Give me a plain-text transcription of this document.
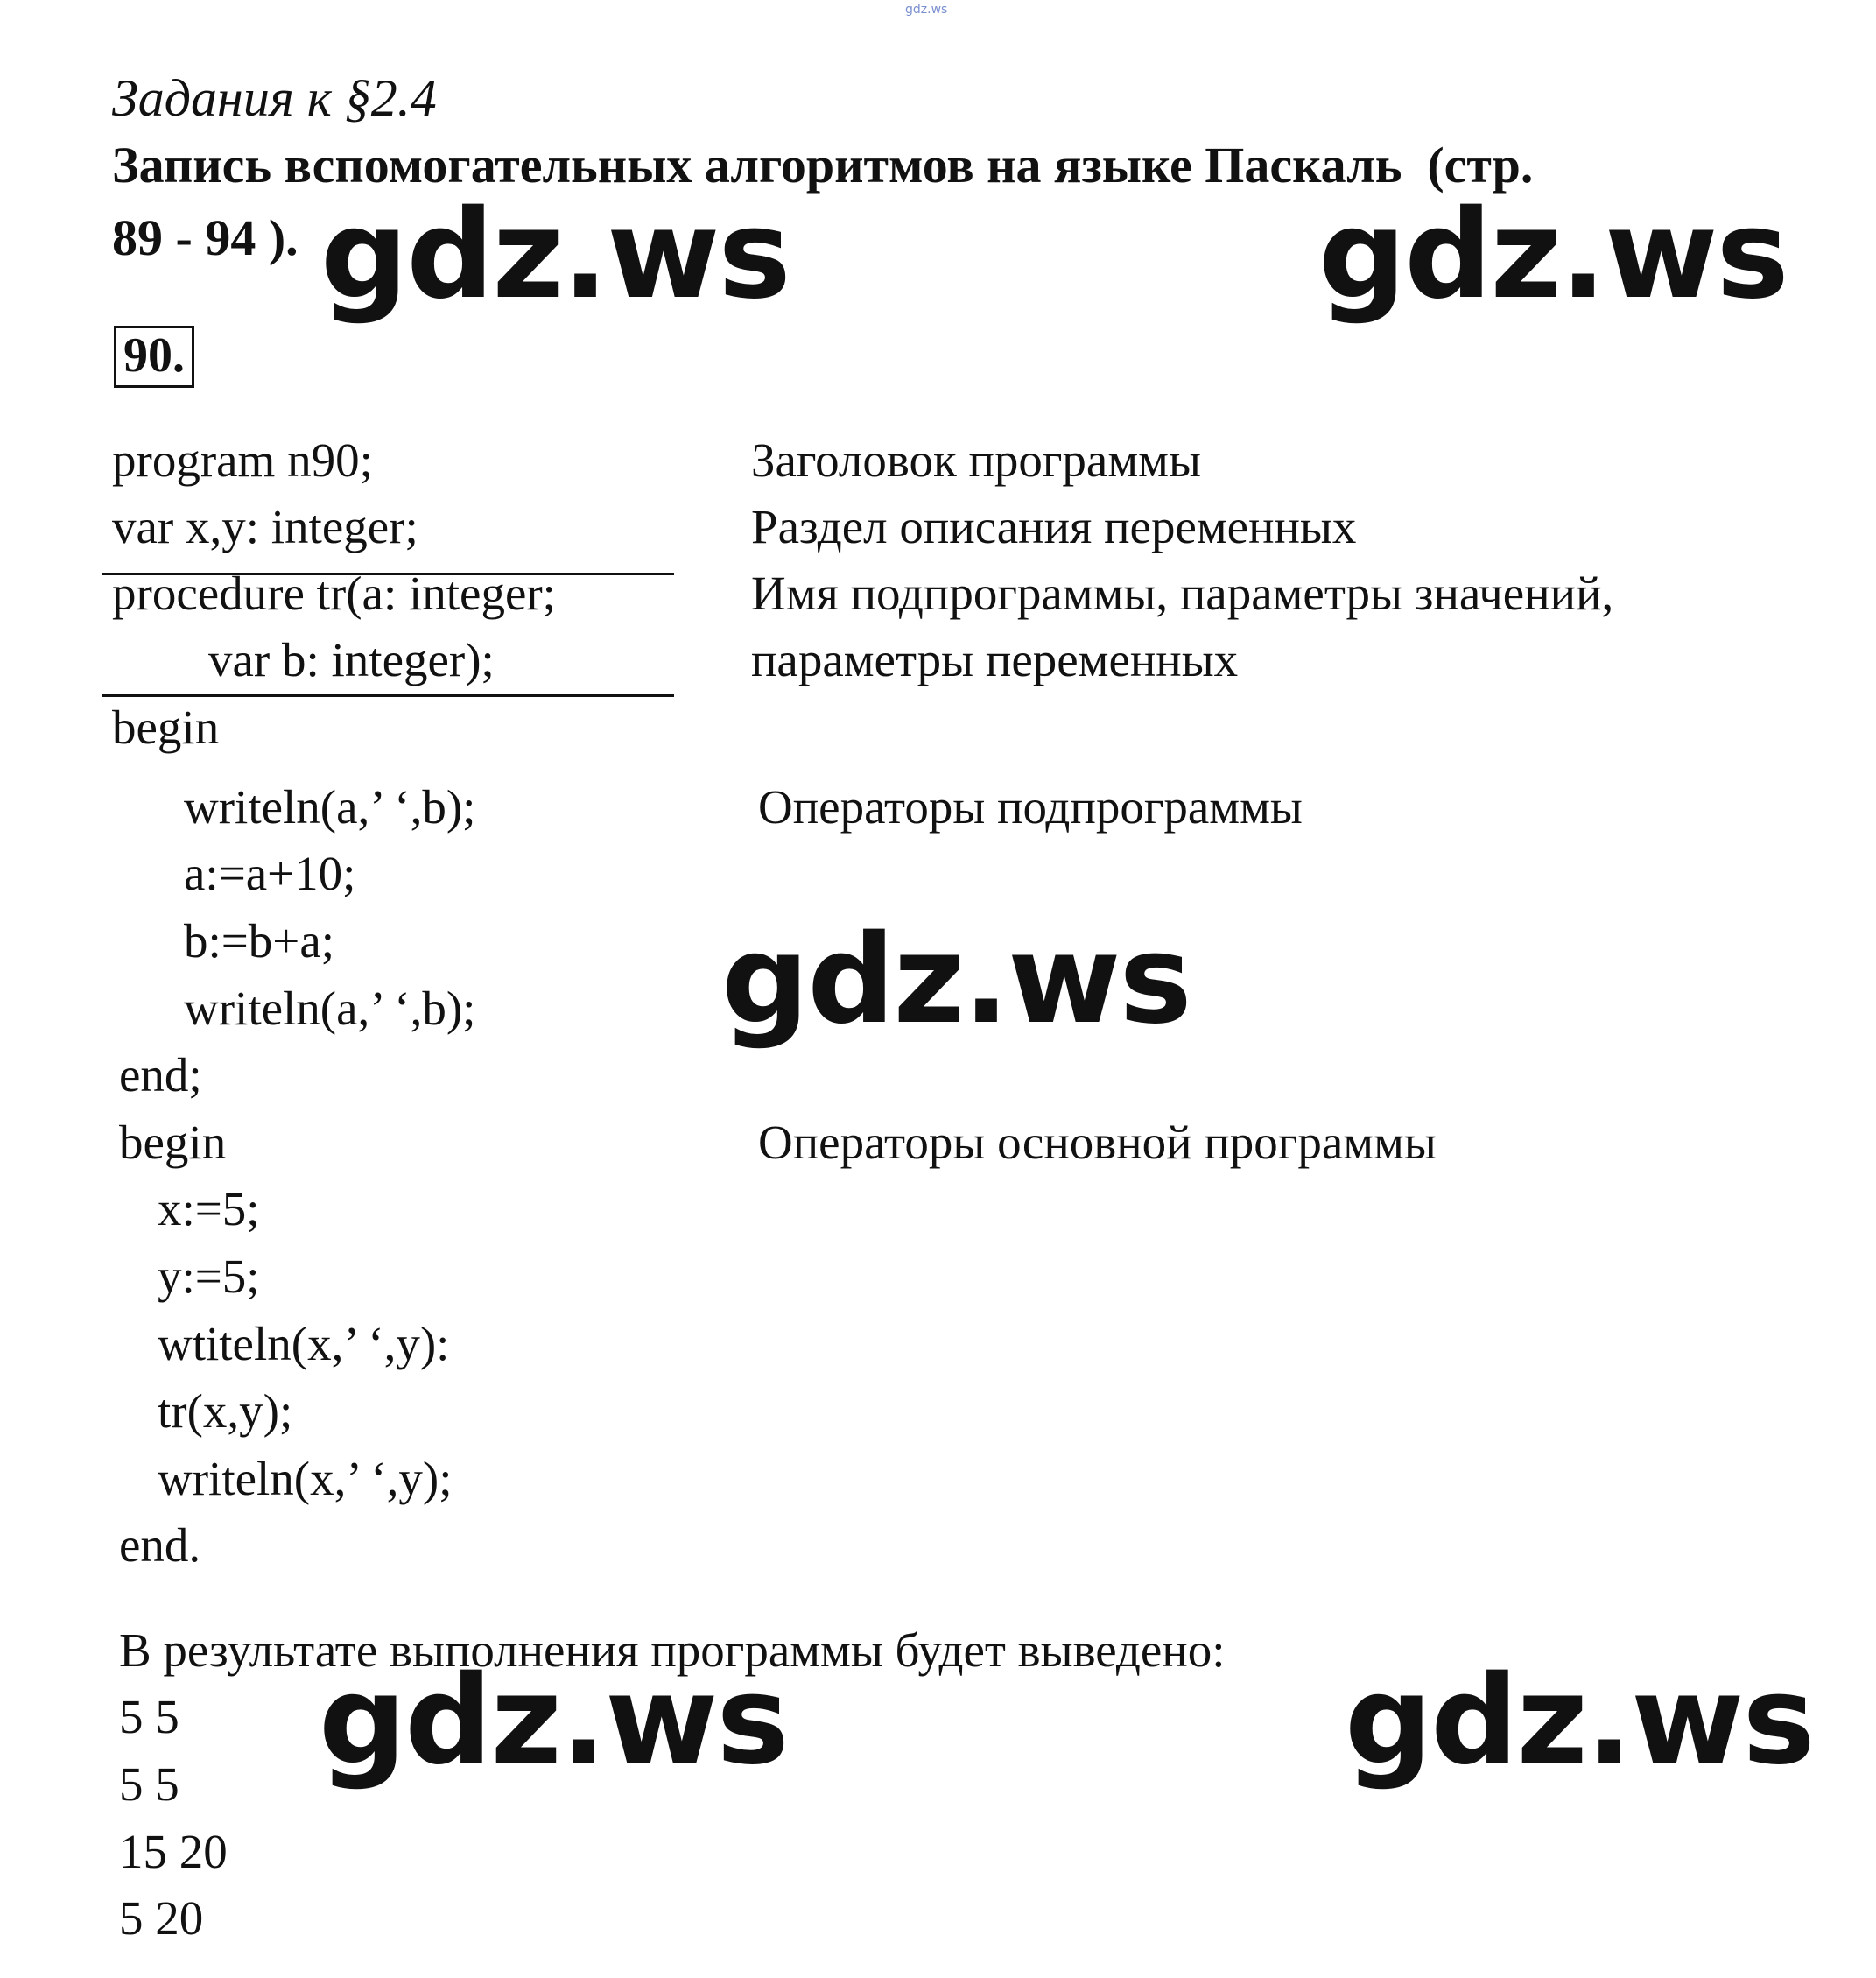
gdz.ws
Задания к §2.4
Запись вспомогательных алгоритмов на языке Паскаль  (стр.
89 - 94 ).
90.
program n90;
var x,y: integer;
procedure tr(a: integer;
var b: integer);
begin
writeln(a,’ ‘,b);
a:=a+10;
b:=b+a;
writeln(a,’ ‘,b);
end;
begin
x:=5;
y:=5;
wtiteln(x,’ ‘,y):
tr(x,y);
writeln(x,’ ‘,y);
end.
Заголовок программы
Раздел описания переменных
Имя подпрограммы, параметры значений,
параметры переменных
Операторы подпрограммы
Операторы основной программы
В результате выполнения программы будет выведено:
5 5
5 5
15 20
5 20
gdz.ws	gdz.ws
gdz.ws
gdz.ws	gdz.ws
